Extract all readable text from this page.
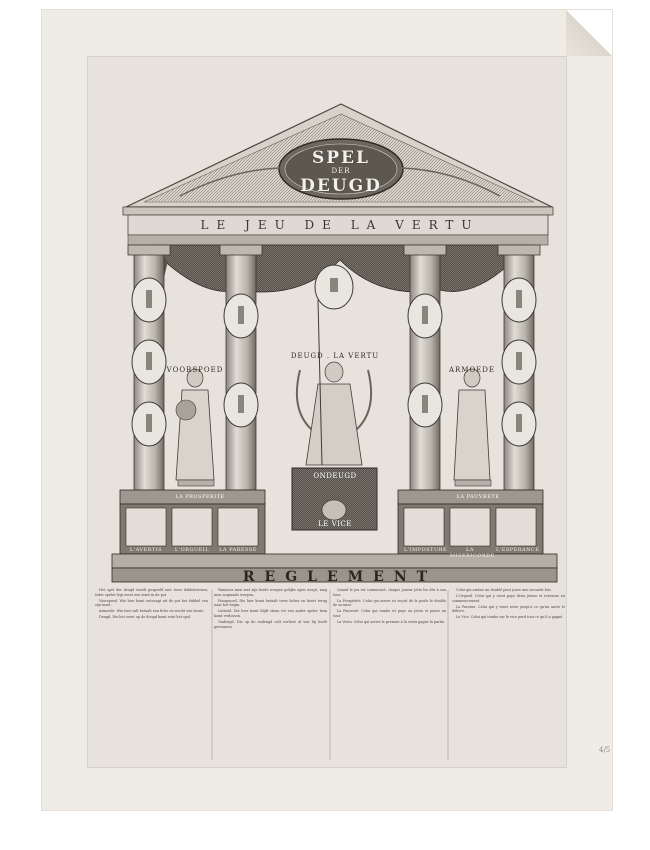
SPEL
DER
DEUGD
LE JEU DE LA VERTU
DEUGD . LA VERTU
VOORSPOED	ARMOEDE
ONDEUGD
LE VICE
LA PROSPERITE	LA PAUVRETE
L'AVERTIS	L'ORGUEIL	LA PARESSE	L'IMPOSTURE	LA MISERICORDE
L'ESPERANCE
REGLEMENT

Het spel der deugd wordt gespeeld met twee dobbelstenen; ieder speler legt eerst een inzet in de pot.

Voorspoed. Wie hier komt ontvangt uit de pot het dubbel van zijn inzet.

Armoede. Wie hier valt betaalt een fiche en wacht een beurt.

Deugd. Die het eerst op de deugd komt wint het spel.

Wanneer men met zijn beide worpen gelijke ogen werpt, mag men nogmaals werpen.

Hoogmoed. Die hier komt betaalt twee fiches en keert terug naar het begin.

Luiheid. Die hier komt blijft staan tot een ander speler hem komt verlossen.

Ondeugd. Die op de ondeugd valt verliest al wat hij heeft gewonnen.

Quand le jeu est commencé, chaque joueur jette les dés à son tour.

La Prospérité. Celui qui arrive ici reçoit de la poule le double de sa mise.

La Pauvreté. Celui qui tombe ici paye un jeton et passe un tour.

La Vertu. Celui qui arrive le premier à la vertu gagne la partie.

Celui qui amène un doublé peut jouer une seconde fois.

L'Orgueil. Celui qui y vient paye deux jetons et retourne au commencement.

La Paresse. Celui qui y vient reste jusqu'à ce qu'un autre le délivre.

Le Vice. Celui qui tombe sur le vice perd tout ce qu'il a gagné.

4/5
